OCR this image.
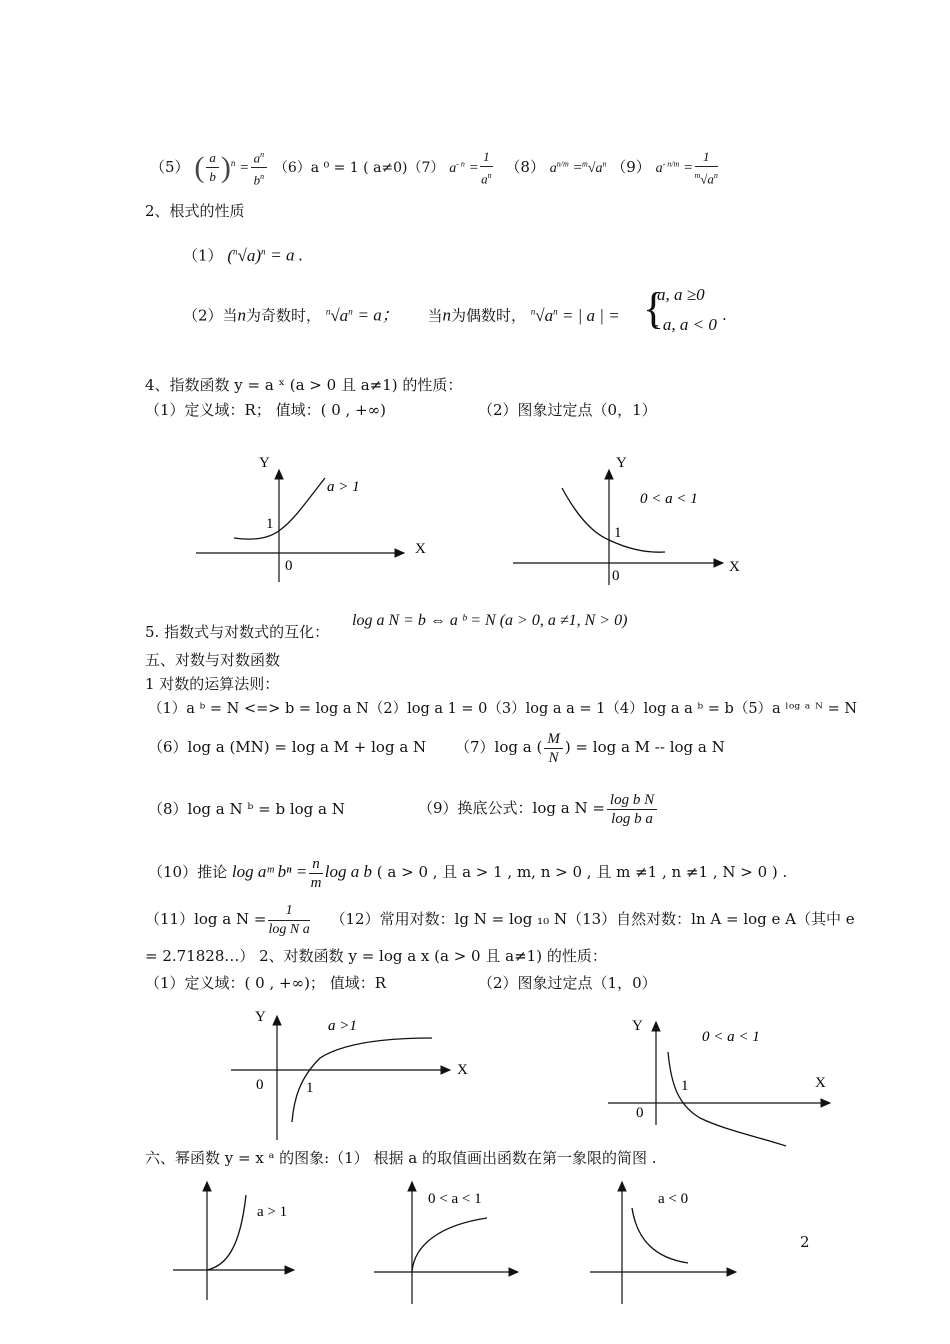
（5） ( $\frac{a}{b} )^n = \frac{a^n}{b^n} (6)a$ ⁰ = 1 ( a≠0)（7） $a^{- n} = \frac{1}{a^n} (8)$ $a^{n/m} =^m√a^n$ （9） $a^{- n/m} = \frac{1}{^m√a^n}$
2、根式的性质
（1） $(^n√a)^n = a$ .
（2）当n为奇数时， $^n√a^n = a$； 当n为偶数时， $^n√a^n$ = | a | = {
a, a ≥0
- a, a < 0 .
4、指数函数 y = a ˣ (a > 0 且 a≠1) 的性质：
（1）定义域：R； 值域：( 0 , +∞)	（2）图象过定点（0，1）
Y
X
a > 1
1
0
Y
X
0 < a < 1
1
0
Y
X
a >1
1
0
Y
X
0 < a < 1
1
0
a > 1
0 < a < 1	a < 0
5. 指数式与对数式的互化：
log a N = b ⇔ a ᵇ = N (a > 0, a ≠1, N > 0)
五、对数与对数函数
1 对数的运算法则：
（1）a ᵇ = N <=> b = log a N（2）log a 1 = 0（3）log a a = 1（4）log a a ᵇ = b（5）a ˡᵒᵍ ᵃ ᴺ = N
（6）log a (MN) = log a M + log a N （7）log a ( $\frac{M}{N}$ ) = log a M -- log a N
（8）log a N ᵇ = b log a N	（9）换底公式：log a $N = \frac{\text{log b N}}{\text{log b a}}$
（10）推论 log aᵐ $b^n = \frac{n}{m}$ log a b ( a > 0 , 且 a > 1 , m, n > 0 , 且 m ≠1 , n ≠1 , N > 0 ) .
（11）log a $N = \frac{1}{\text{log N a}} (12)$常用对数：lg N = log ₁₀ N（13）自然对数：ln A = log e A（其中 e
= 2.71828…） 2、对数函数 y = log a x (a > 0 且 a≠1) 的性质：
（1）定义域：( 0 , +∞)； 值域：R	（2）图象过定点（1，0）
六、幂函数 y = x ᵃ 的图象:（1） 根据 a 的取值画出函数在第一象限的简图 .
2
